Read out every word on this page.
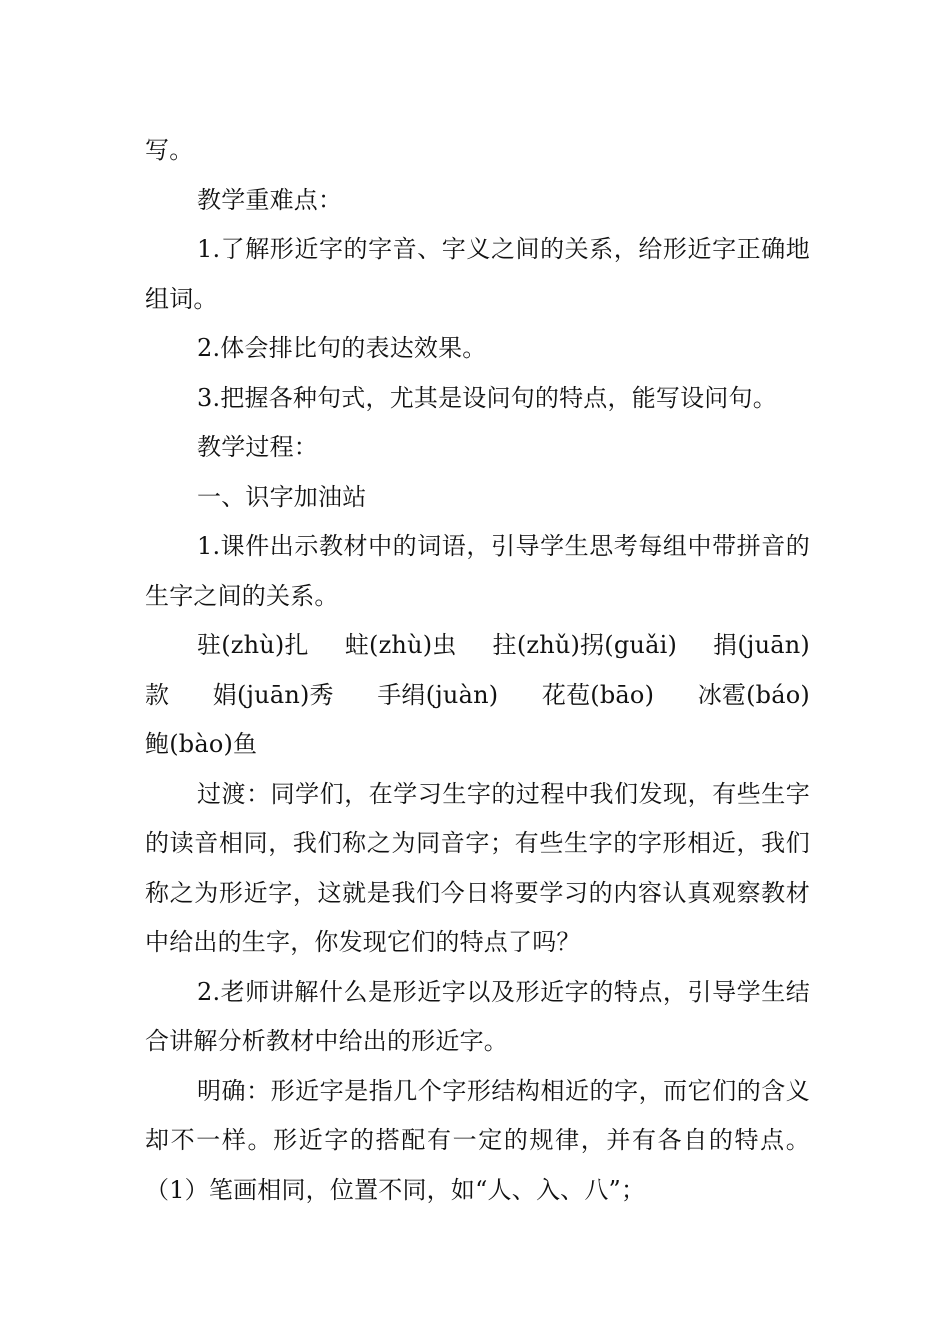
写。

教学重难点：

1.了解形近字的字音、字义之间的关系，给形近字正确地组词。

2.体会排比句的表达效果。

3.把握各种句式，尤其是设问句的特点，能写设问句。

教学过程：

一、识字加油站

1.课件出示教材中的词语，引导学生思考每组中带拼音的生字之间的关系。

驻(zhù)扎 蛀(zhù)虫 拄(zhǔ)拐(guǎi) 捐(juān)
款 娟(juān)秀 手绢(juàn) 花苞(bāo) 冰雹(báo)
鲍(bào)鱼

过渡：同学们，在学习生字的过程中我们发现，有些生字的读音相同，我们称之为同音字；有些生字的字形相近，我们称之为形近字，这就是我们今日将要学习的内容认真观察教材中给出的生字，你发现它们的特点了吗？

2.老师讲解什么是形近字以及形近字的特点，引导学生结合讲解分析教材中给出的形近字。

明确：形近字是指几个字形结构相近的字，而它们的含义却不一样。形近字的搭配有一定的规律，并有各自的特点。（1）笔画相同，位置不同，如“人、入、八”；
